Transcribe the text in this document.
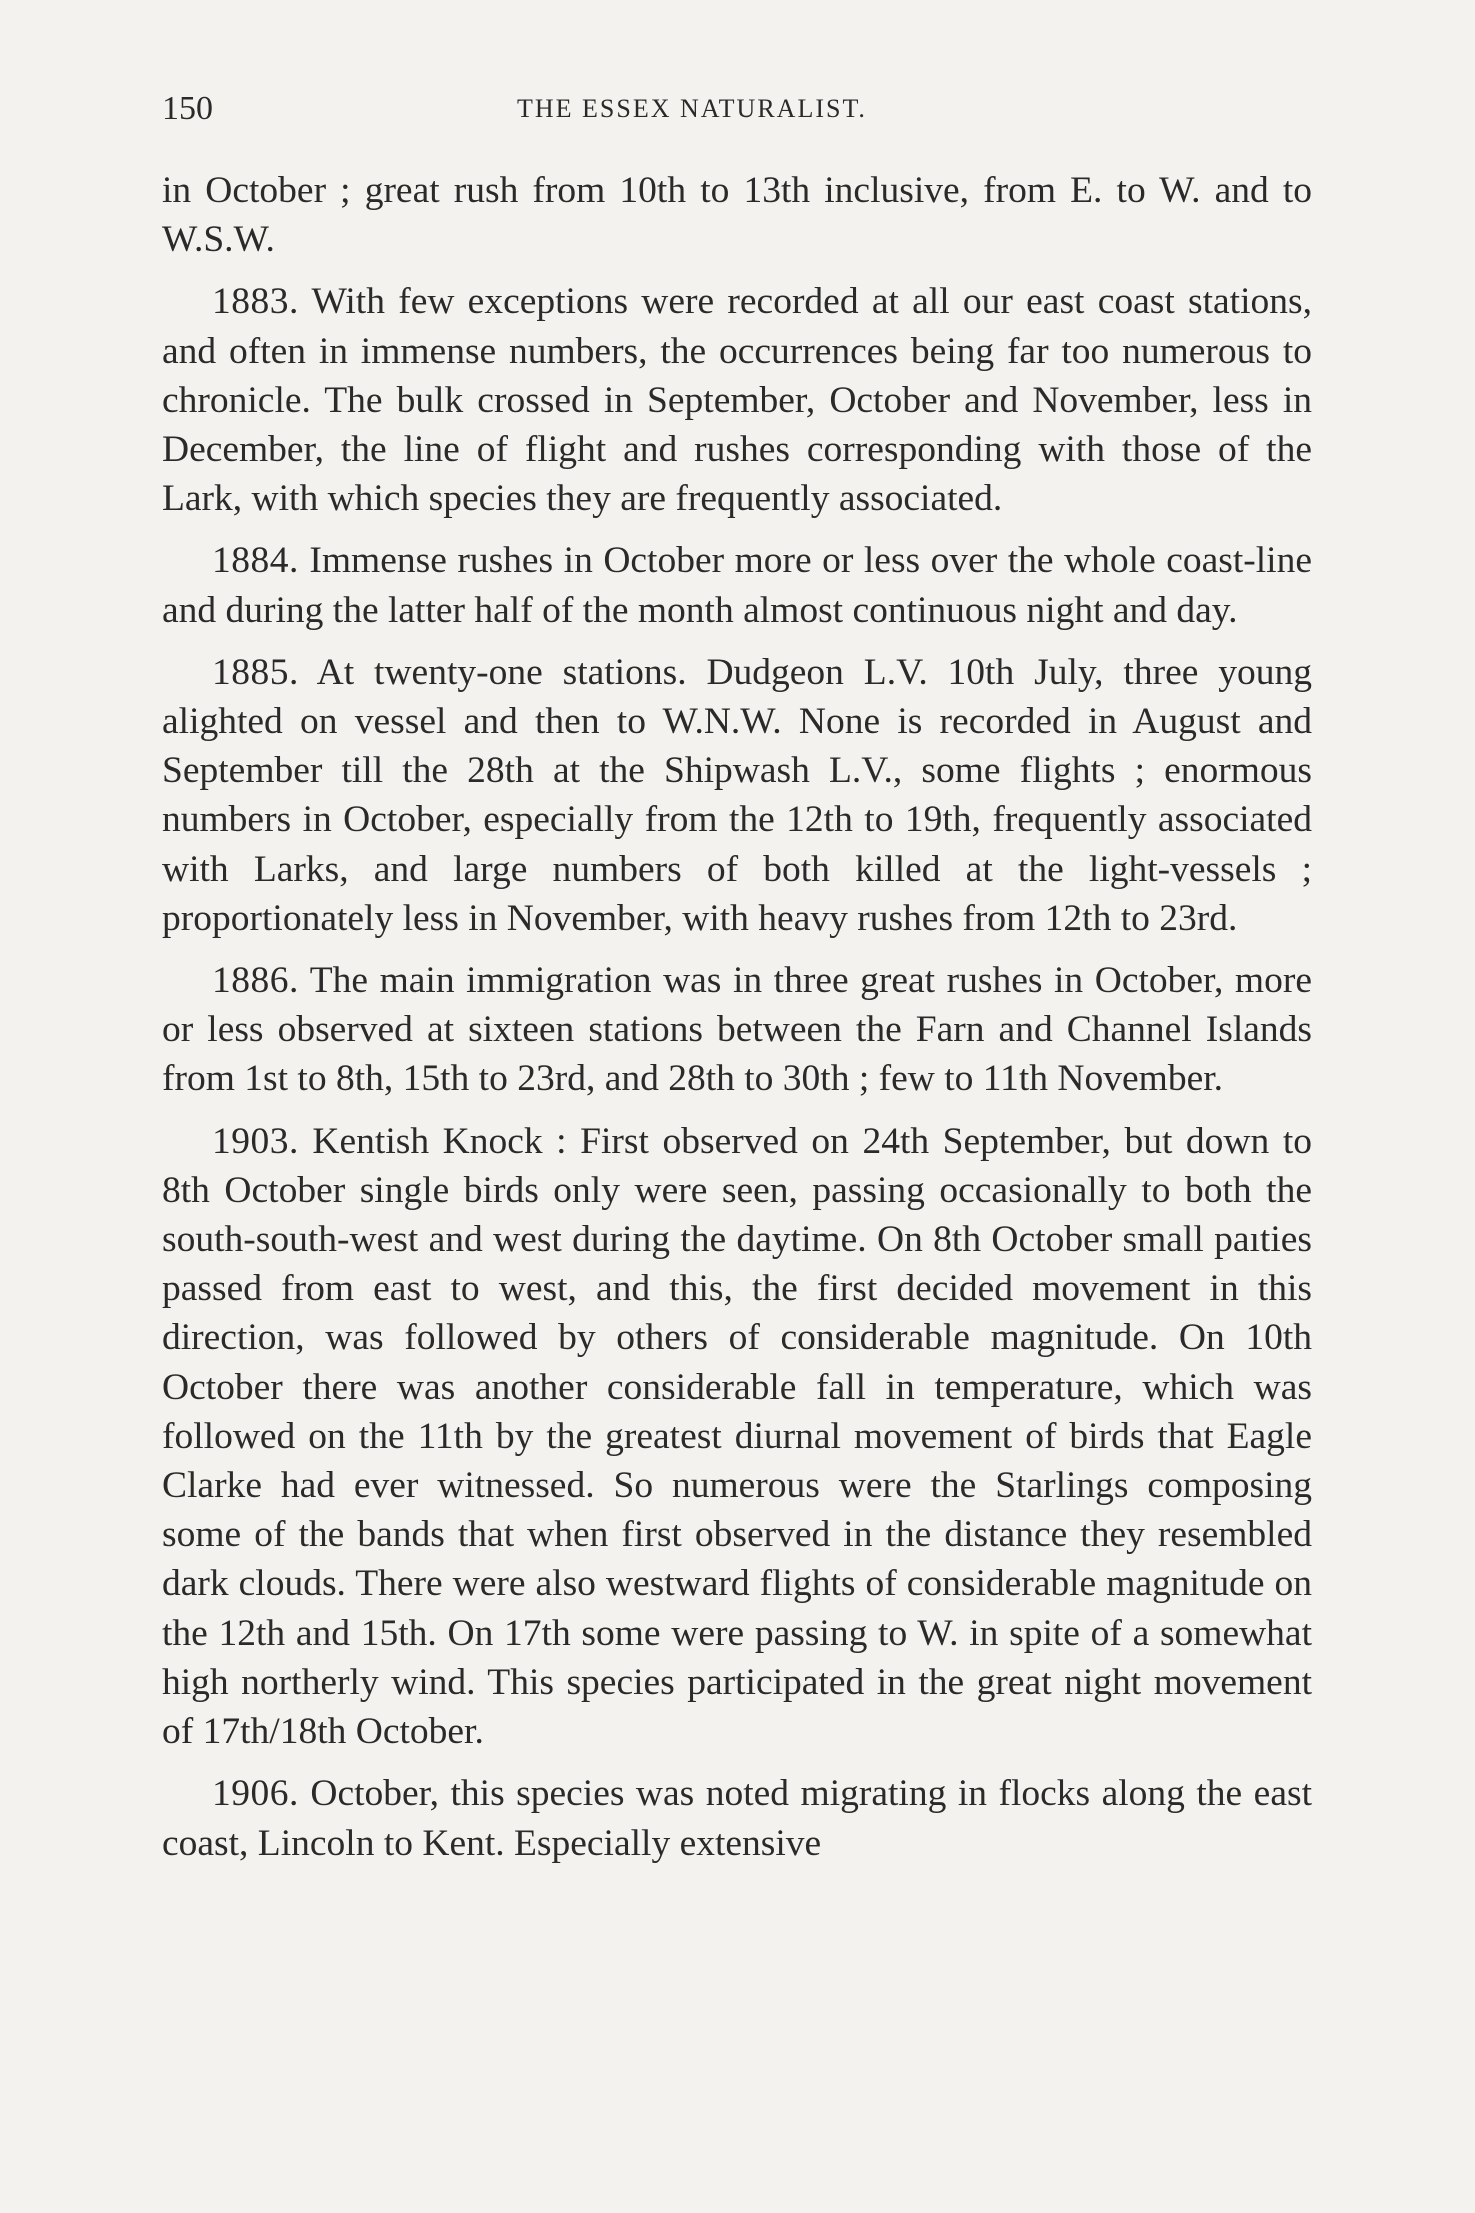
150	THE ESSEX NATURALIST.

in October ; great rush from 10th to 13th inclusive, from E. to W. and to W.S.W.

1883. With few exceptions were recorded at all our east coast stations, and often in immense numbers, the occurrences being far too numerous to chronicle. The bulk crossed in September, October and November, less in December, the line of flight and rushes corresponding with those of the Lark, with which species they are frequently associated.

1884. Immense rushes in October more or less over the whole coast-line and during the latter half of the month almost continuous night and day.

1885. At twenty-one stations. Dudgeon L.V. 10th July, three young alighted on vessel and then to W.N.W. None is recorded in August and September till the 28th at the Shipwash L.V., some flights ; enormous numbers in October, especially from the 12th to 19th, frequently associated with Larks, and large numbers of both killed at the light-vessels ; proportionately less in November, with heavy rushes from 12th to 23rd.

1886. The main immigration was in three great rushes in October, more or less observed at sixteen stations between the Farn and Channel Islands from 1st to 8th, 15th to 23rd, and 28th to 30th ; few to 11th November.

1903. Kentish Knock : First observed on 24th September, but down to 8th October single birds only were seen, passing occasionally to both the south-south-west and west during the daytime. On 8th October small paıties passed from east to west, and this, the first decided movement in this direction, was followed by others of considerable magnitude. On 10th October there was another considerable fall in temperature, which was followed on the 11th by the greatest diurnal movement of birds that Eagle Clarke had ever witnessed. So numerous were the Starlings composing some of the bands that when first observed in the distance they resembled dark clouds. There were also westward flights of considerable magnitude on the 12th and 15th. On 17th some were passing to W. in spite of a somewhat high northerly wind. This species participated in the great night movement of 17th/18th October.

1906. October, this species was noted migrating in flocks along the east coast, Lincoln to Kent. Especially extensive
